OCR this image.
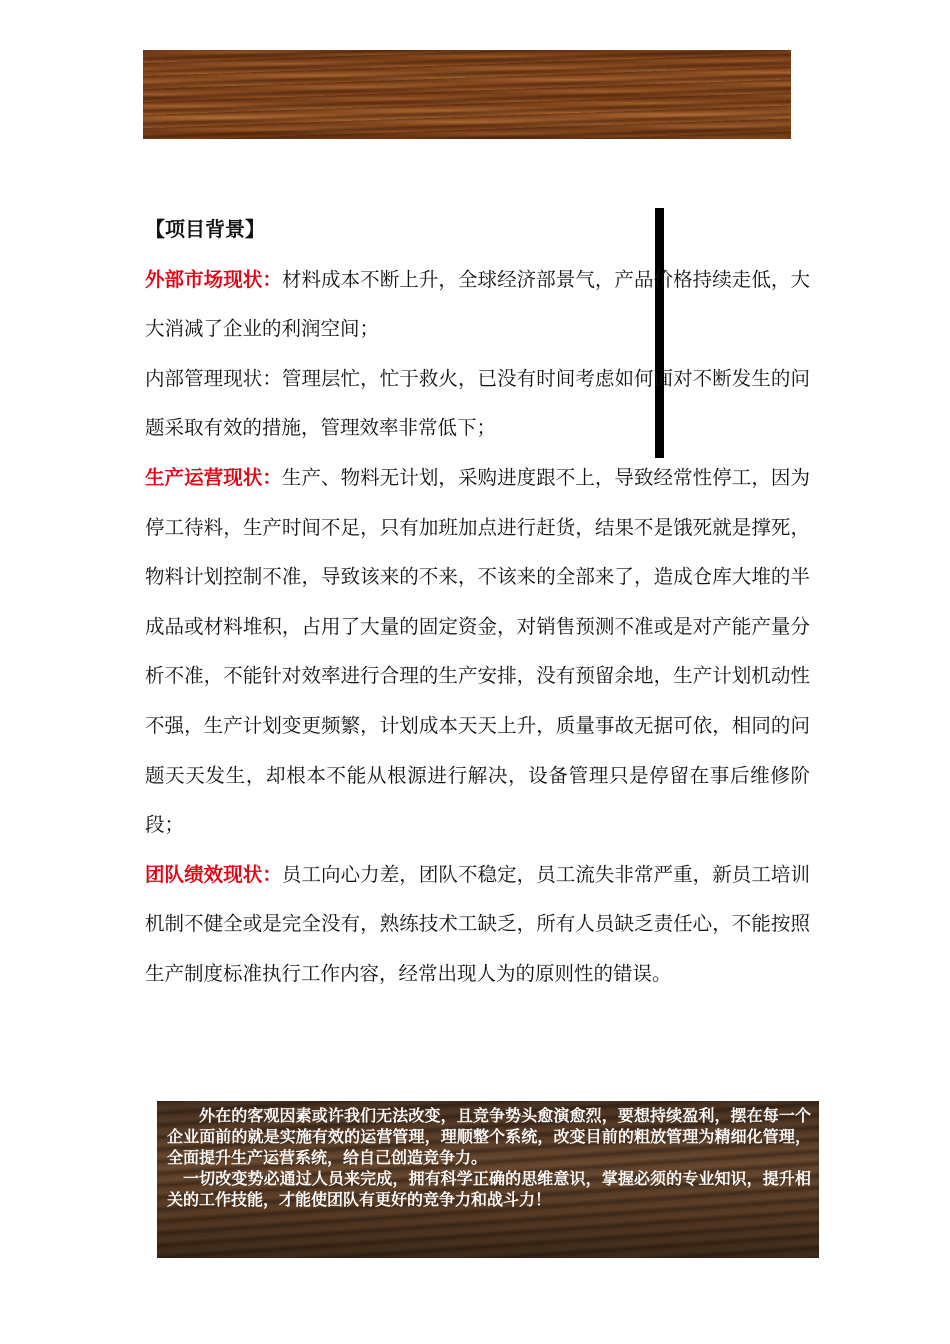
【项目背景】

外部市场现状：材料成本不断上升，全球经济部景气，产品价格持续走低，大大消减了企业的利润空间；

内部管理现状：管理层忙，忙于救火，已没有时间考虑如何面对不断发生的问题采取有效的措施，管理效率非常低下；

生产运营现状：生产、物料无计划，采购进度跟不上，导致经常性停工，因为停工待料，生产时间不足，只有加班加点进行赶货，结果不是饿死就是撑死，物料计划控制不准，导致该来的不来，不该来的全部来了，造成仓库大堆的半成品或材料堆积，占用了大量的固定资金，对销售预测不准或是对产能产量分析不准，不能针对效率进行合理的生产安排，没有预留余地，生产计划机动性不强，生产计划变更频繁，计划成本天天上升，质量事故无据可依，相同的问题天天发生，却根本不能从根源进行解决，设备管理只是停留在事后维修阶段；

团队绩效现状：员工向心力差，团队不稳定，员工流失非常严重，新员工培训机制不健全或是完全没有，熟练技术工缺乏，所有人员缺乏责任心，不能按照生产制度标准执行工作内容，经常出现人为的原则性的错误。

外在的客观因素或许我们无法改变，且竞争势头愈演愈烈，要想持续盈利，摆在每一个企业面前的就是实施有效的运营管理，理顺整个系统，改变目前的粗放管理为精细化管理，全面提升生产运营系统，给自己创造竞争力。

一切改变势必通过人员来完成，拥有科学正确的思维意识，掌握必须的专业知识，提升相关的工作技能，才能使团队有更好的竞争力和战斗力！
